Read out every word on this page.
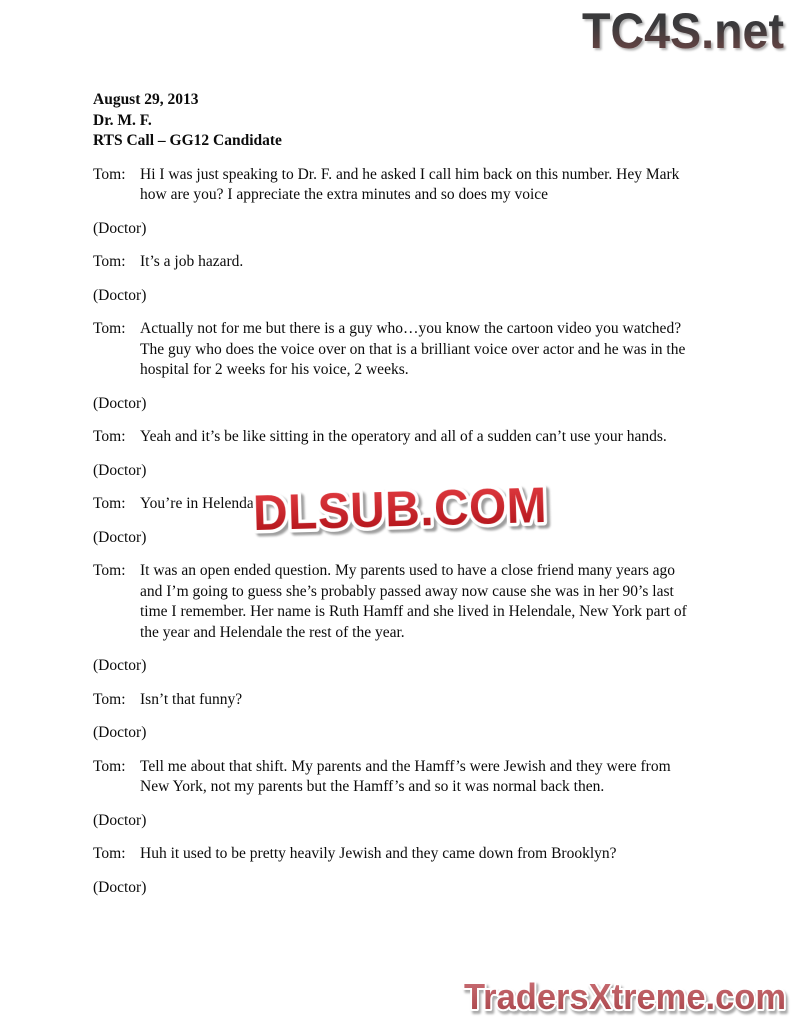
TC4S.net

August 29, 2013

Dr. M. F.

RTS Call – GG12 Candidate

Tom: Hi I was just speaking to Dr. F. and he asked I call him back on this number. Hey Mark how are you? I appreciate the extra minutes and so does my voice

(Doctor)

Tom: It’s a job hazard.

(Doctor)

Tom: Actually not for me but there is a guy who…you know the cartoon video you watched? The guy who does the voice over on that is a brilliant voice over actor and he was in the hospital for 2 weeks for his voice, 2 weeks.

(Doctor)

Tom: Yeah and it’s be like sitting in the operatory and all of a sudden can’t use your hands.

(Doctor)

Tom: You’re in Helenda

(Doctor)

Tom: It was an open ended question. My parents used to have a close friend many years ago and I’m going to guess she’s probably passed away now cause she was in her 90’s last time I remember. Her name is Ruth Hamff and she lived in Helendale, New York part of the year and Helendale the rest of the year.

(Doctor)

Tom: Isn’t that funny?

(Doctor)

Tom: Tell me about that shift. My parents and the Hamff’s were Jewish and they were from New York, not my parents but the Hamff’s and so it was normal back then.

(Doctor)

Tom: Huh it used to be pretty heavily Jewish and they came down from Brooklyn?

(Doctor)

DLSUB.COM
TradersXtreme.com
